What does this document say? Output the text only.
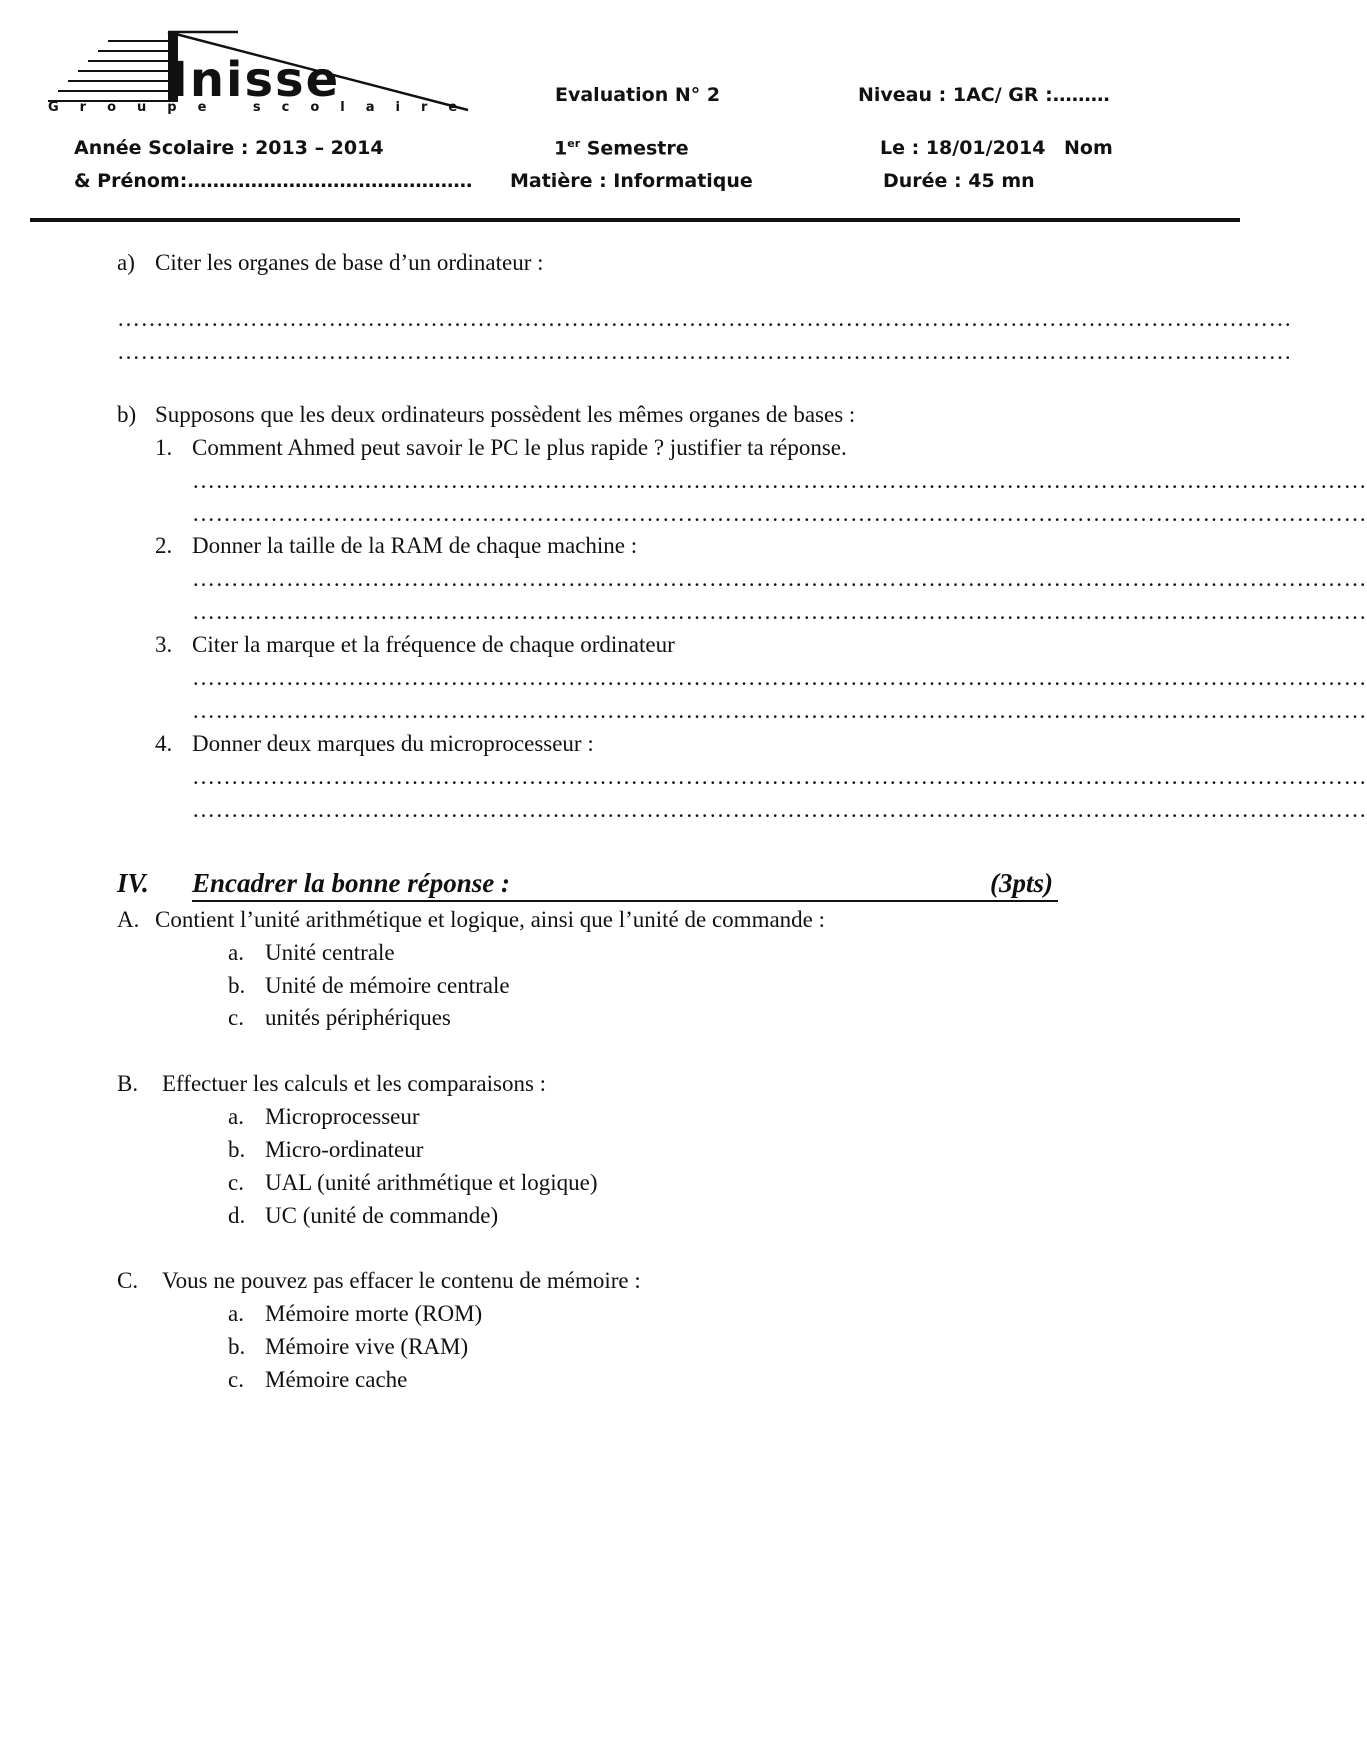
Inisse
Groupe scolaire
Evaluation N° 2	Niveau : 1AC/ GR :………
Année Scolaire : 2013 – 2014	1er Semestre	Le : 18/01/2014 Nom
& Prénom:……………………………………… Matière : Informatique	Durée : 45 mn
a) Citer les organes de base d’un ordinateur :
……………………………………………………………………………………………………………………………………
……………………………………………………………………………………………………………………………………
b) Supposons que les deux ordinateurs possèdent les mêmes organes de bases :
1. Comment Ahmed peut savoir le PC le plus rapide ? justifier ta réponse.
……………………………………………………………………………………………………………………………………
……………………………………………………………………………………………………………………………………
2. Donner la taille de la RAM de chaque machine :
……………………………………………………………………………………………………………………………………
……………………………………………………………………………………………………………………………………
3. Citer la marque et la fréquence de chaque ordinateur
……………………………………………………………………………………………………………………………………
……………………………………………………………………………………………………………………………………
4. Donner deux marques du microprocesseur :
……………………………………………………………………………………………………………………………………
……………………………………………………………………………………………………………………………………
IV. Encadrer la bonne réponse :	(3pts)
A. Contient l’unité arithmétique et logique, ainsi que l’unité de commande :
a. Unité centrale
b. Unité de mémoire centrale
c. unités périphériques
B. Effectuer les calculs et les comparaisons :
a. Microprocesseur
b. Micro-ordinateur
c. UAL (unité arithmétique et logique)
d. UC (unité de commande)
C. Vous ne pouvez pas effacer le contenu de mémoire :
a. Mémoire morte (ROM)
b. Mémoire vive (RAM)
c. Mémoire cache
